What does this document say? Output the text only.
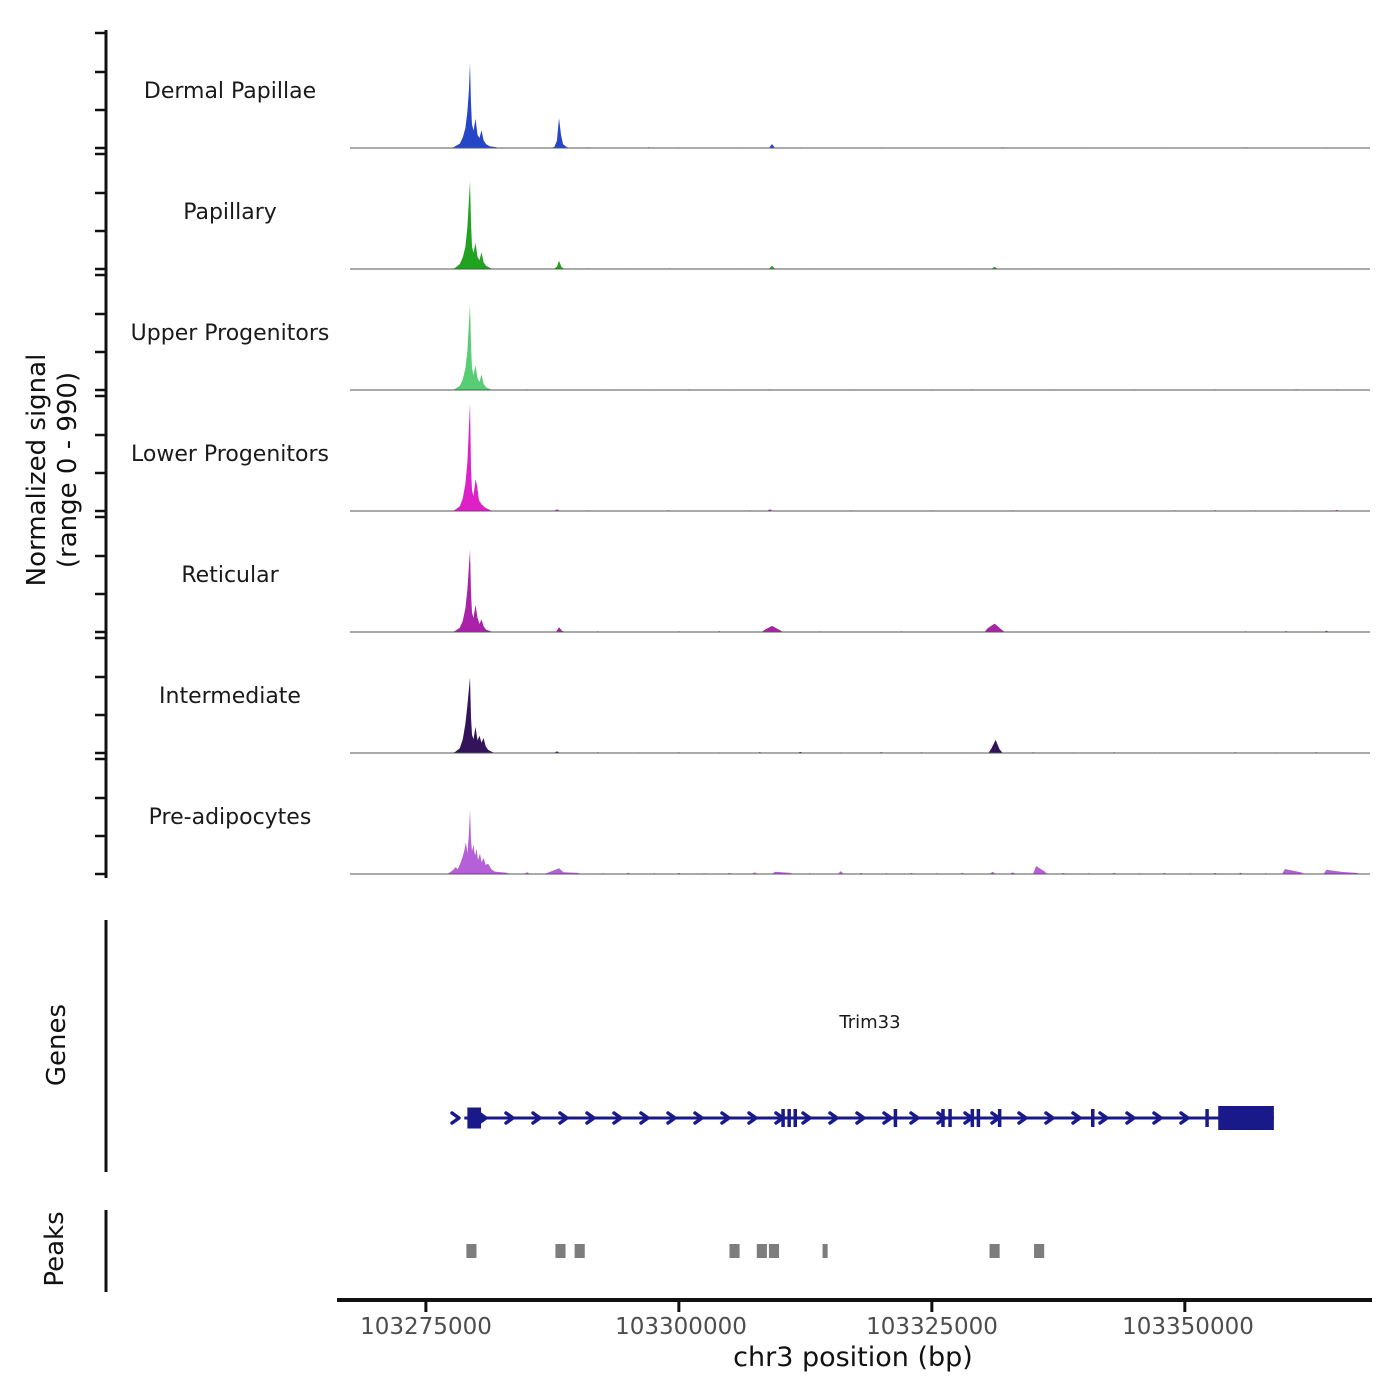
Normalized signal (range 0 - 990)
Dermal Papillae
Papillary
Upper Progenitors
Lower Progenitors
Reticular
Intermediate
Pre-adipocytes
Genes
Peaks
Trim33
103275000	103300000	103325000	103350000
chr3 position (bp)
